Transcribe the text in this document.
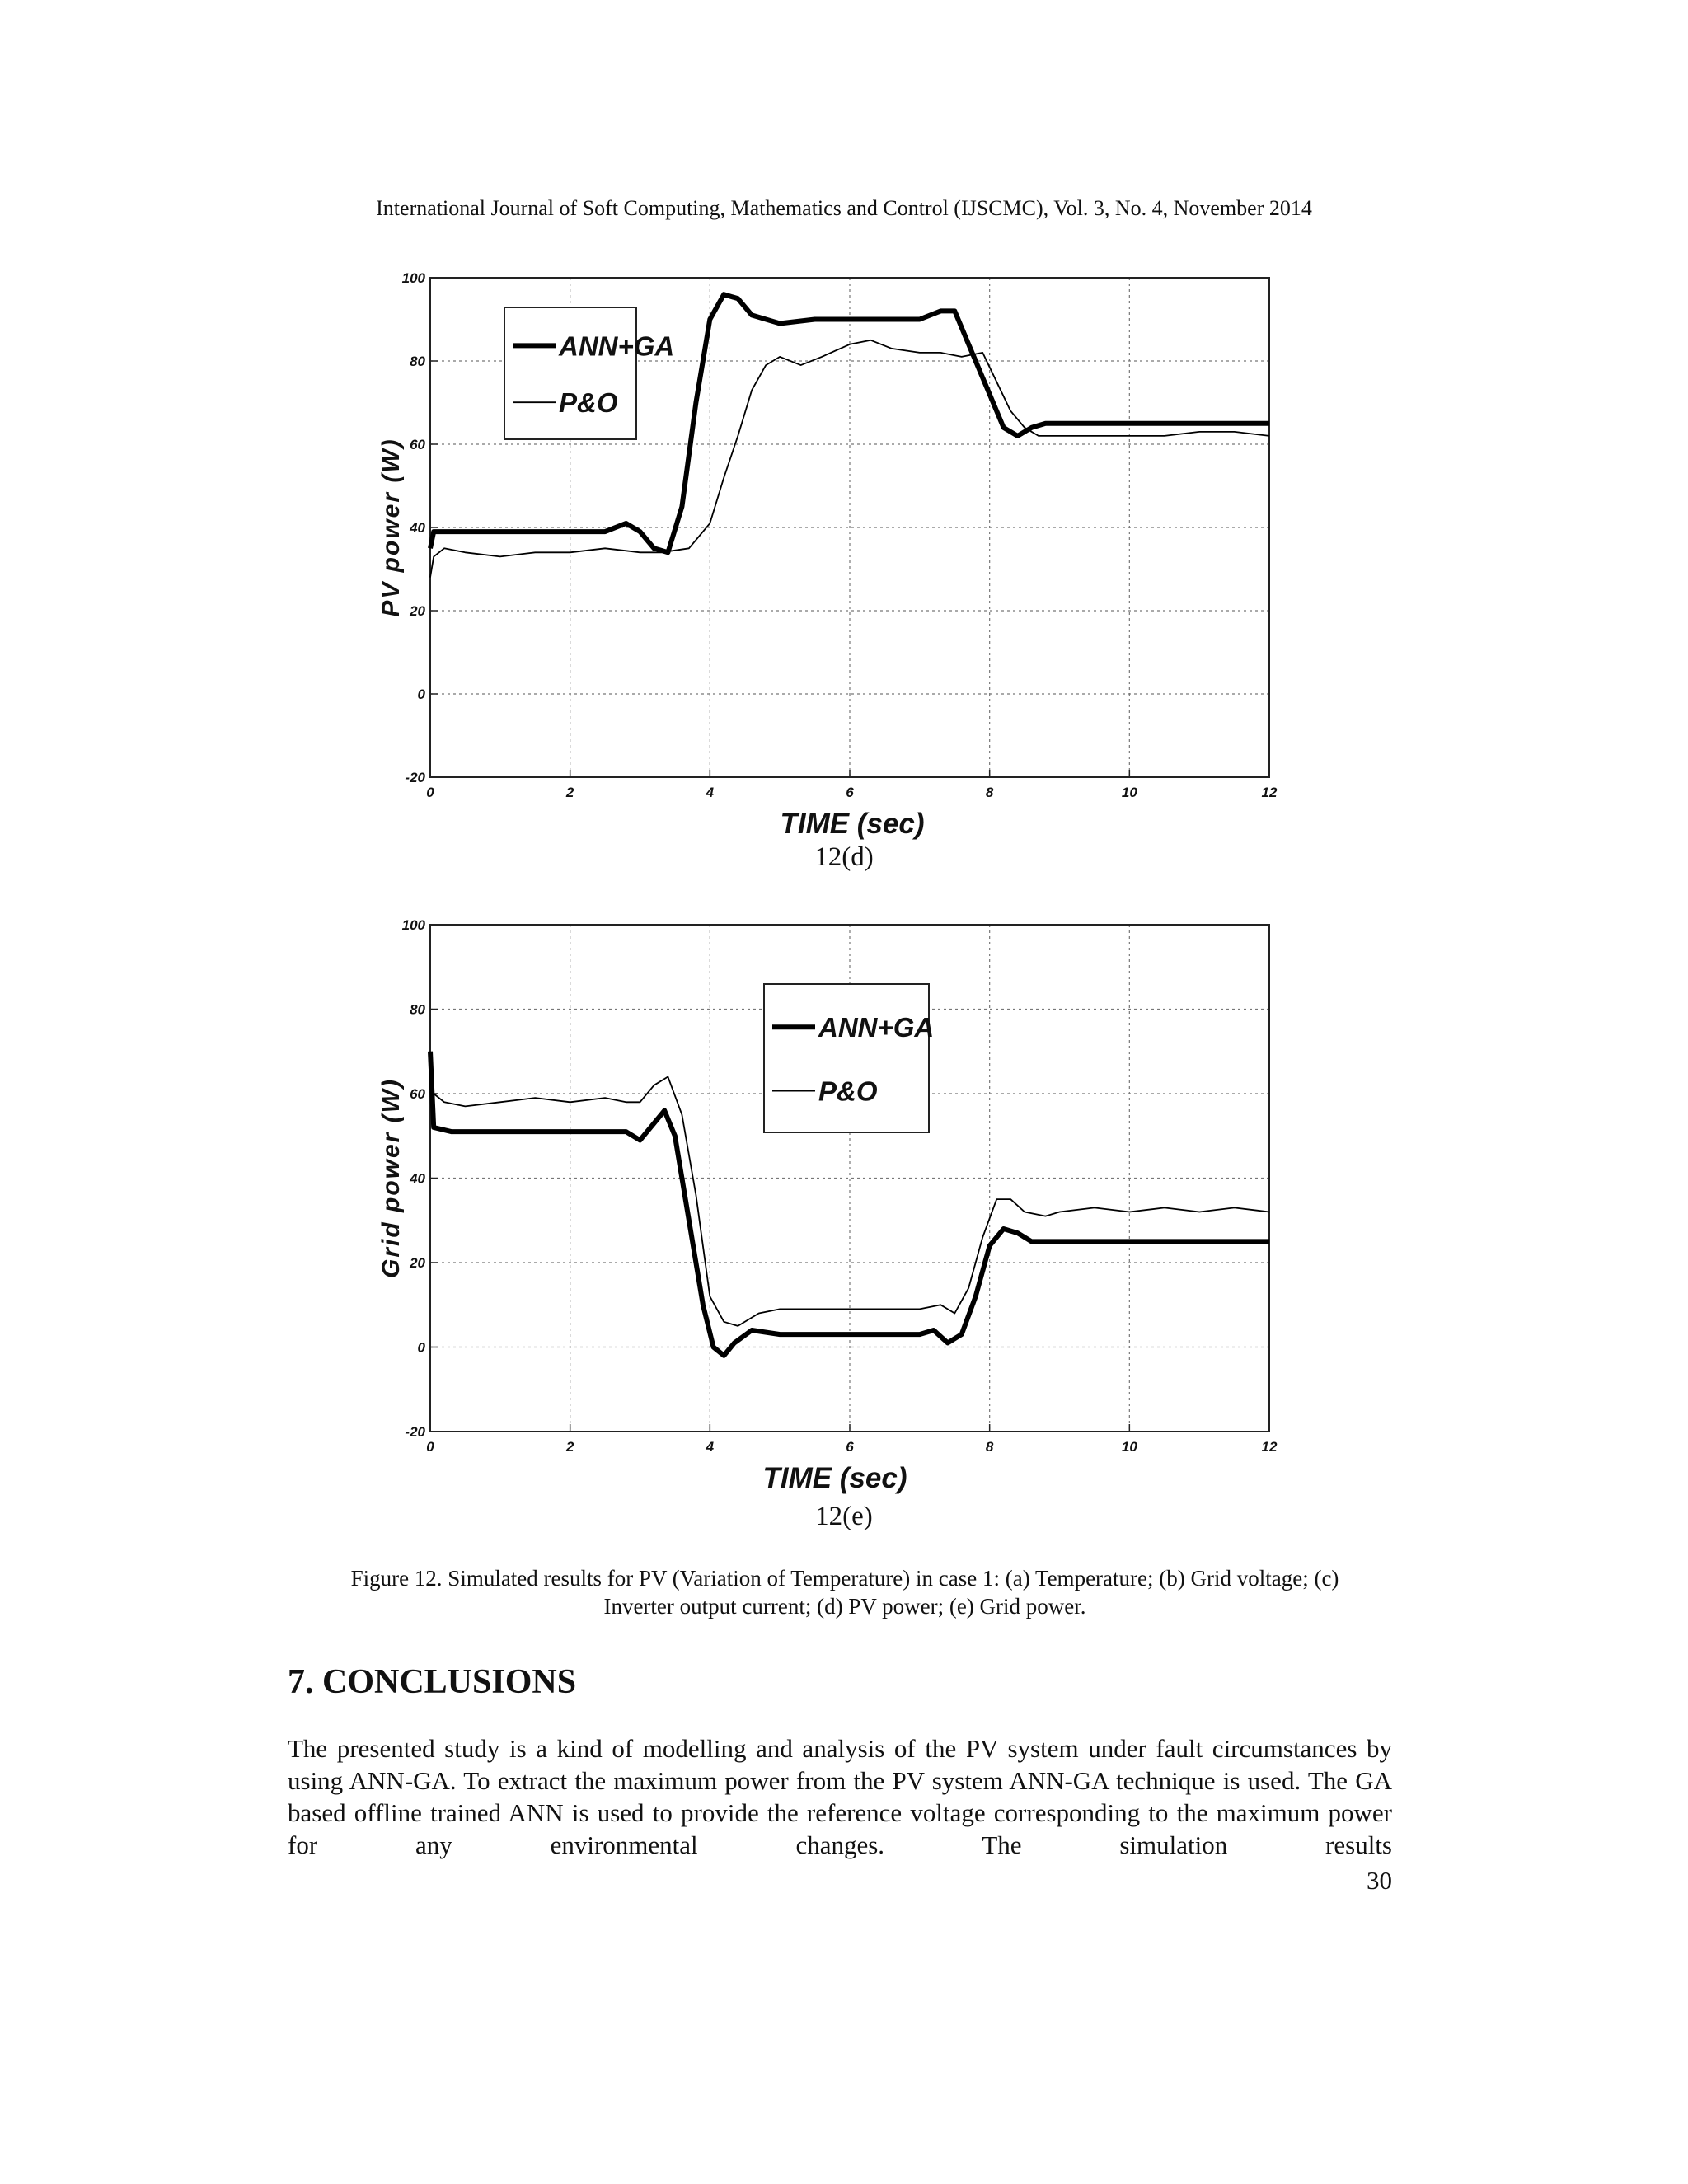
International Journal of Soft Computing, Mathematics and Control (IJSCMC), Vol. 3, No. 4, November 2014
0	2	4	6	8	10	12
-20
0
20
40
60
80
100
TIME (sec)
PV power (W)
ANN+GA
P&O
12(d)
0	2	4	6	8	10	12
-20
0
20
40
60
80
100
TIME (sec)
Grid power (W)
ANN+GA
P&O
12(e)
Figure 12. Simulated results for PV (Variation of Temperature) in case 1: (a) Temperature; (b) Grid voltage; (c) Inverter output current; (d) PV power; (e) Grid power.
7. CONCLUSIONS
The presented study is a kind of modelling and analysis of the PV system under fault circumstances by using ANN-GA. To extract the maximum power from the PV system ANN-GA technique is used. The GA based offline trained ANN is used to provide the reference voltage corresponding to the maximum power for any environmental changes. The simulation results
30
